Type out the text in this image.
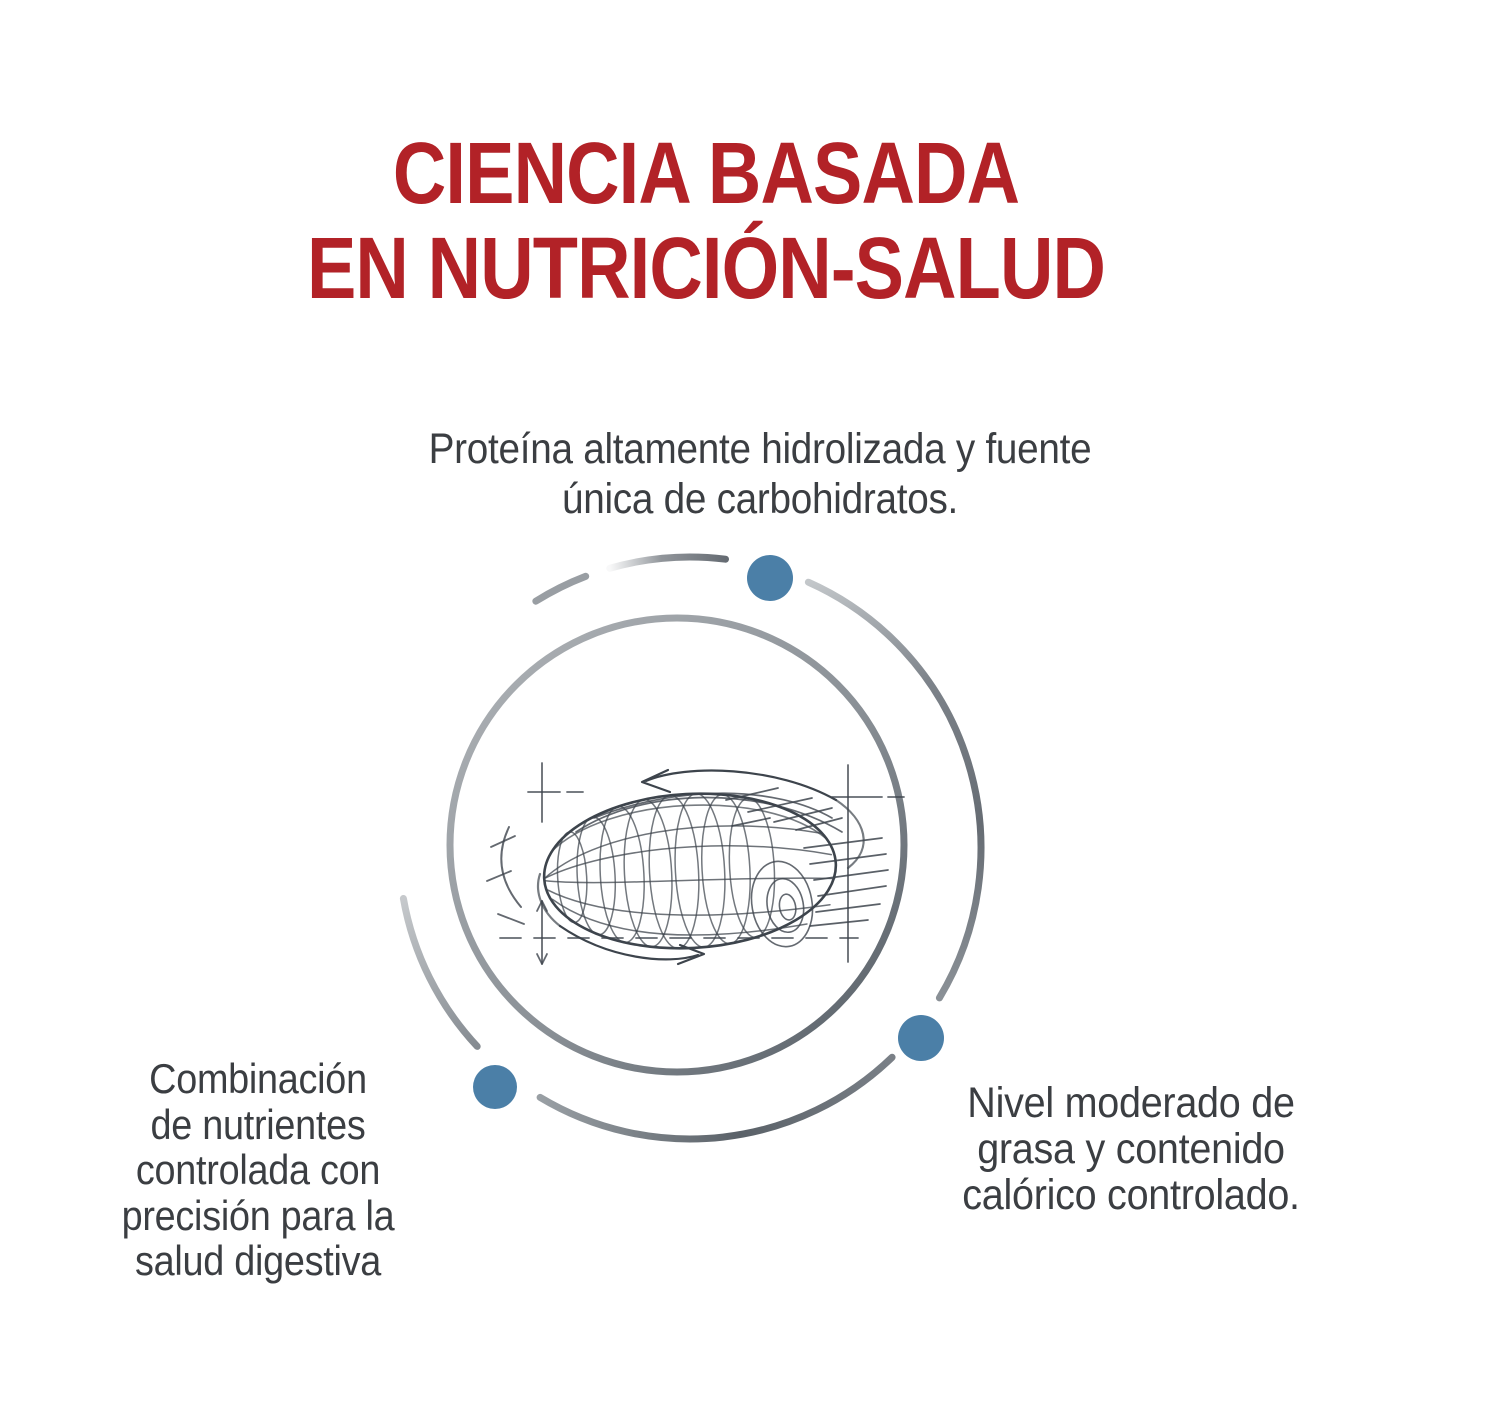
CIENCIA BASADA
EN NUTRICIÓN-SALUD
Proteína altamente hidrolizada y fuente
única de carbohidratos.
Combinación
de nutrientes
controlada con
precisión para la
salud digestiva
Nivel moderado de
grasa y contenido
calórico controlado.
